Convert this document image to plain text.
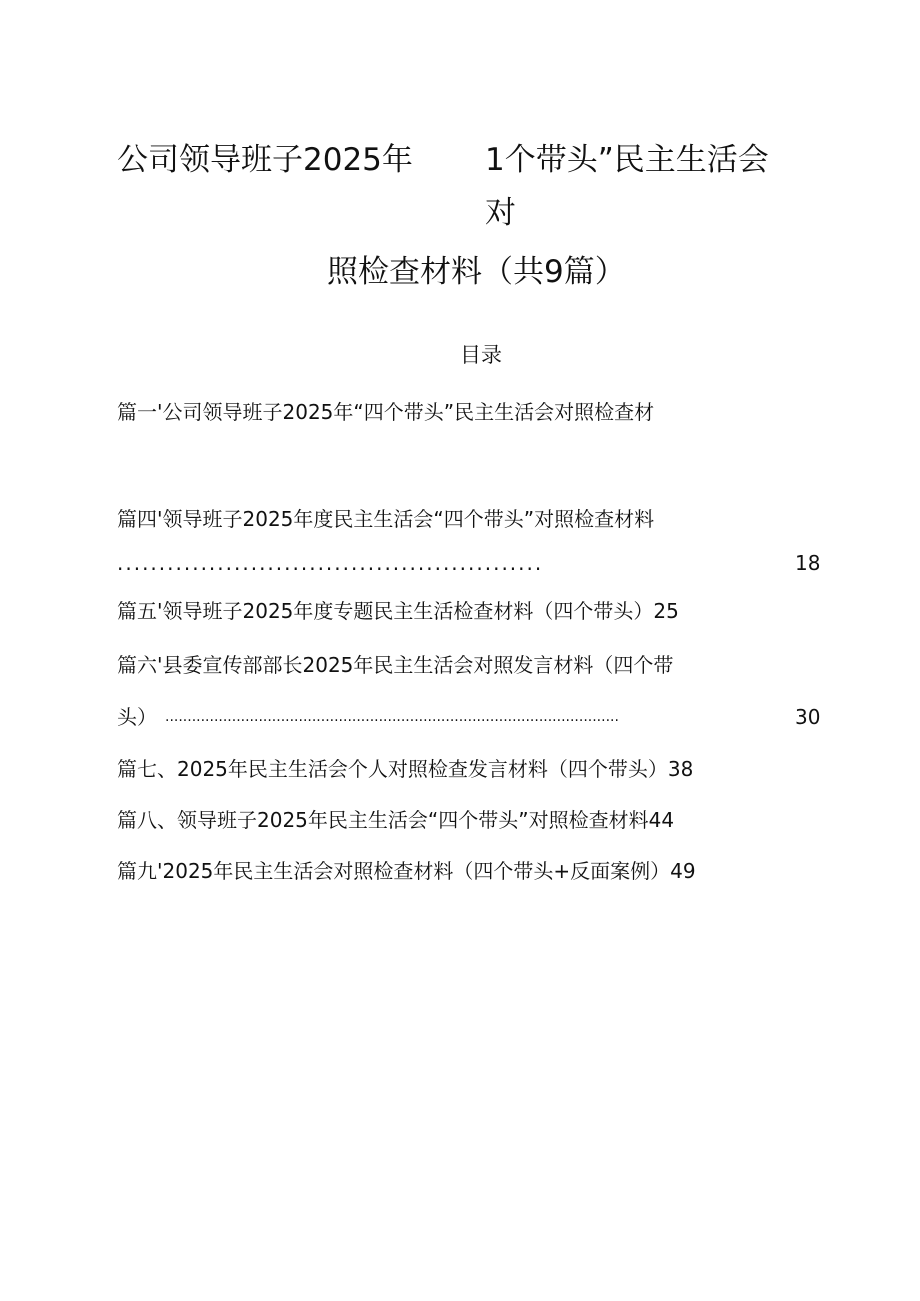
公司领导班子2025年 1个带头”民主生活会
对
照检查材料（共9篇）
目录
篇一'公司领导班子2025年“四个带头”民主生活会对照检查材
篇四'领导班子2025年度民主生活会“四个带头”对照检查材料
...................................................	18
篇五'领导班子2025年度专题民主生活检查材料（四个带头）25
篇六'县委宣传部部长2025年民主生活会对照发言材料（四个带
头） ......................................................................................................	30
篇七、2025年民主生活会个人对照检查发言材料（四个带头）38
篇八、领导班子2025年民主生活会“四个带头”对照检查材料44
篇九'2025年民主生活会对照检查材料（四个带头+反面案例）49
